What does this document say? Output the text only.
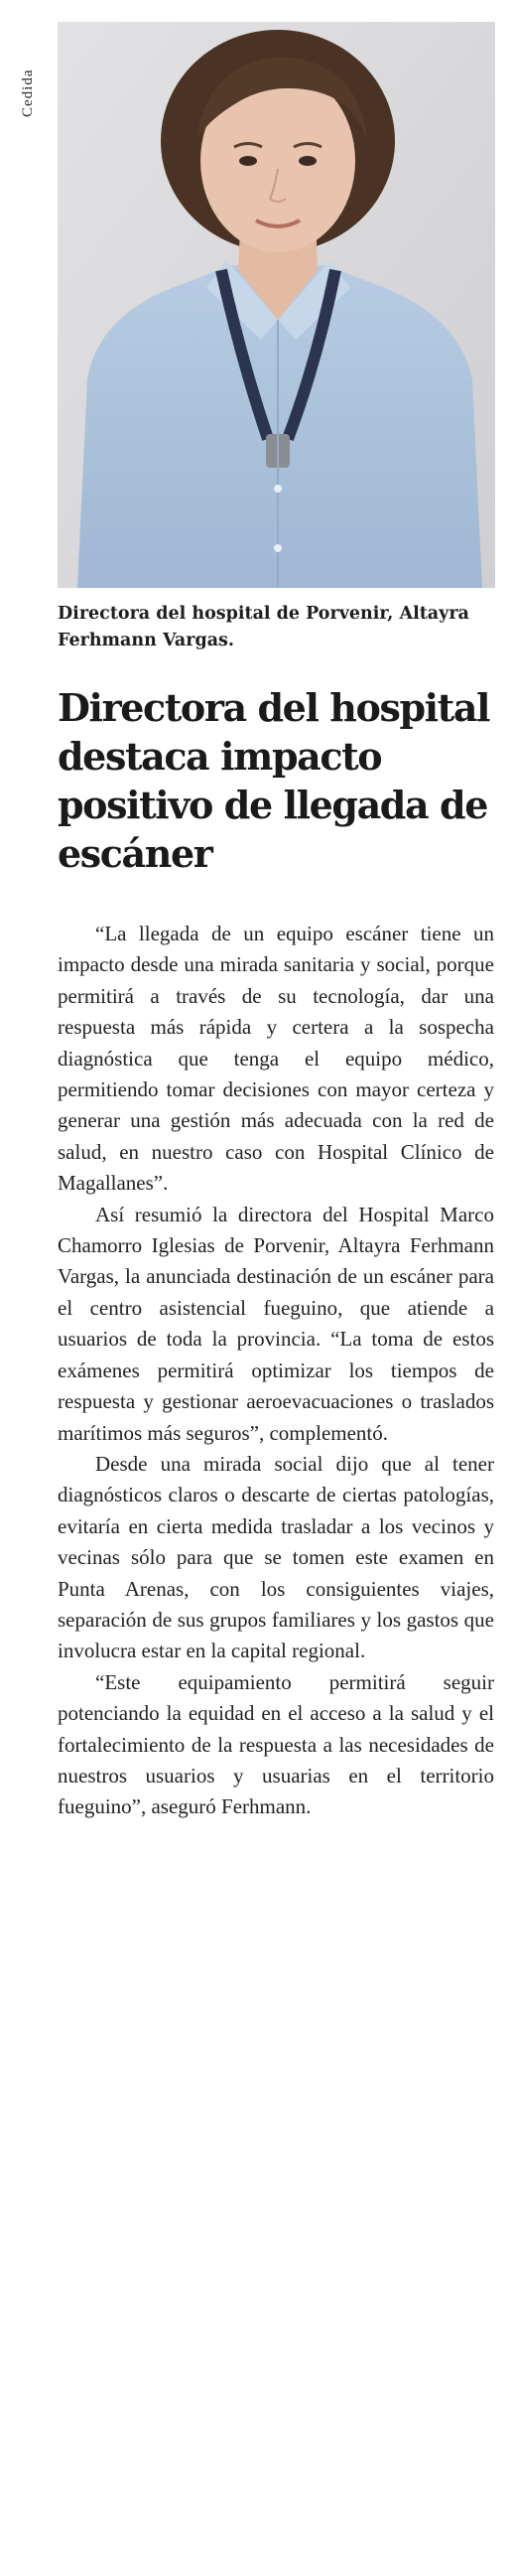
Cedida
Directora del hospital de Porvenir, Altayra Ferhmann Vargas.
Directora del hospital destaca impacto positivo de llegada de escáner

“La llegada de un equipo escáner tiene un impacto desde una mirada sanitaria y social, porque permitirá a través de su tecnología, dar una respuesta más rápida y certera a la sospecha diagnóstica que tenga el equipo médico, permitiendo tomar decisiones con mayor certeza y generar una gestión más adecuada con la red de salud, en nuestro caso con Hospital Clínico de Magallanes”.

Así resumió la directora del Hospital Marco Chamorro Iglesias de Porvenir, Altayra Ferhmann Vargas, la anunciada destinación de un escáner para el centro asistencial fueguino, que atiende a usuarios de toda la provincia. “La toma de estos exámenes permitirá optimizar los tiempos de respuesta y gestionar aeroevacuaciones o traslados marítimos más seguros”, complementó.

Desde una mirada social dijo que al tener diagnósticos claros o descarte de ciertas patologías, evitaría en cierta medida trasladar a los vecinos y vecinas sólo para que se tomen este examen en Punta Arenas, con los consiguientes viajes, separación de sus grupos familiares y los gastos que involucra estar en la capital regional.

“Este equipamiento permitirá seguir potenciando la equidad en el acceso a la salud y el fortalecimiento de la respuesta a las necesidades de nuestros usuarios y usuarias en el territorio fueguino”, aseguró Ferhmann.
